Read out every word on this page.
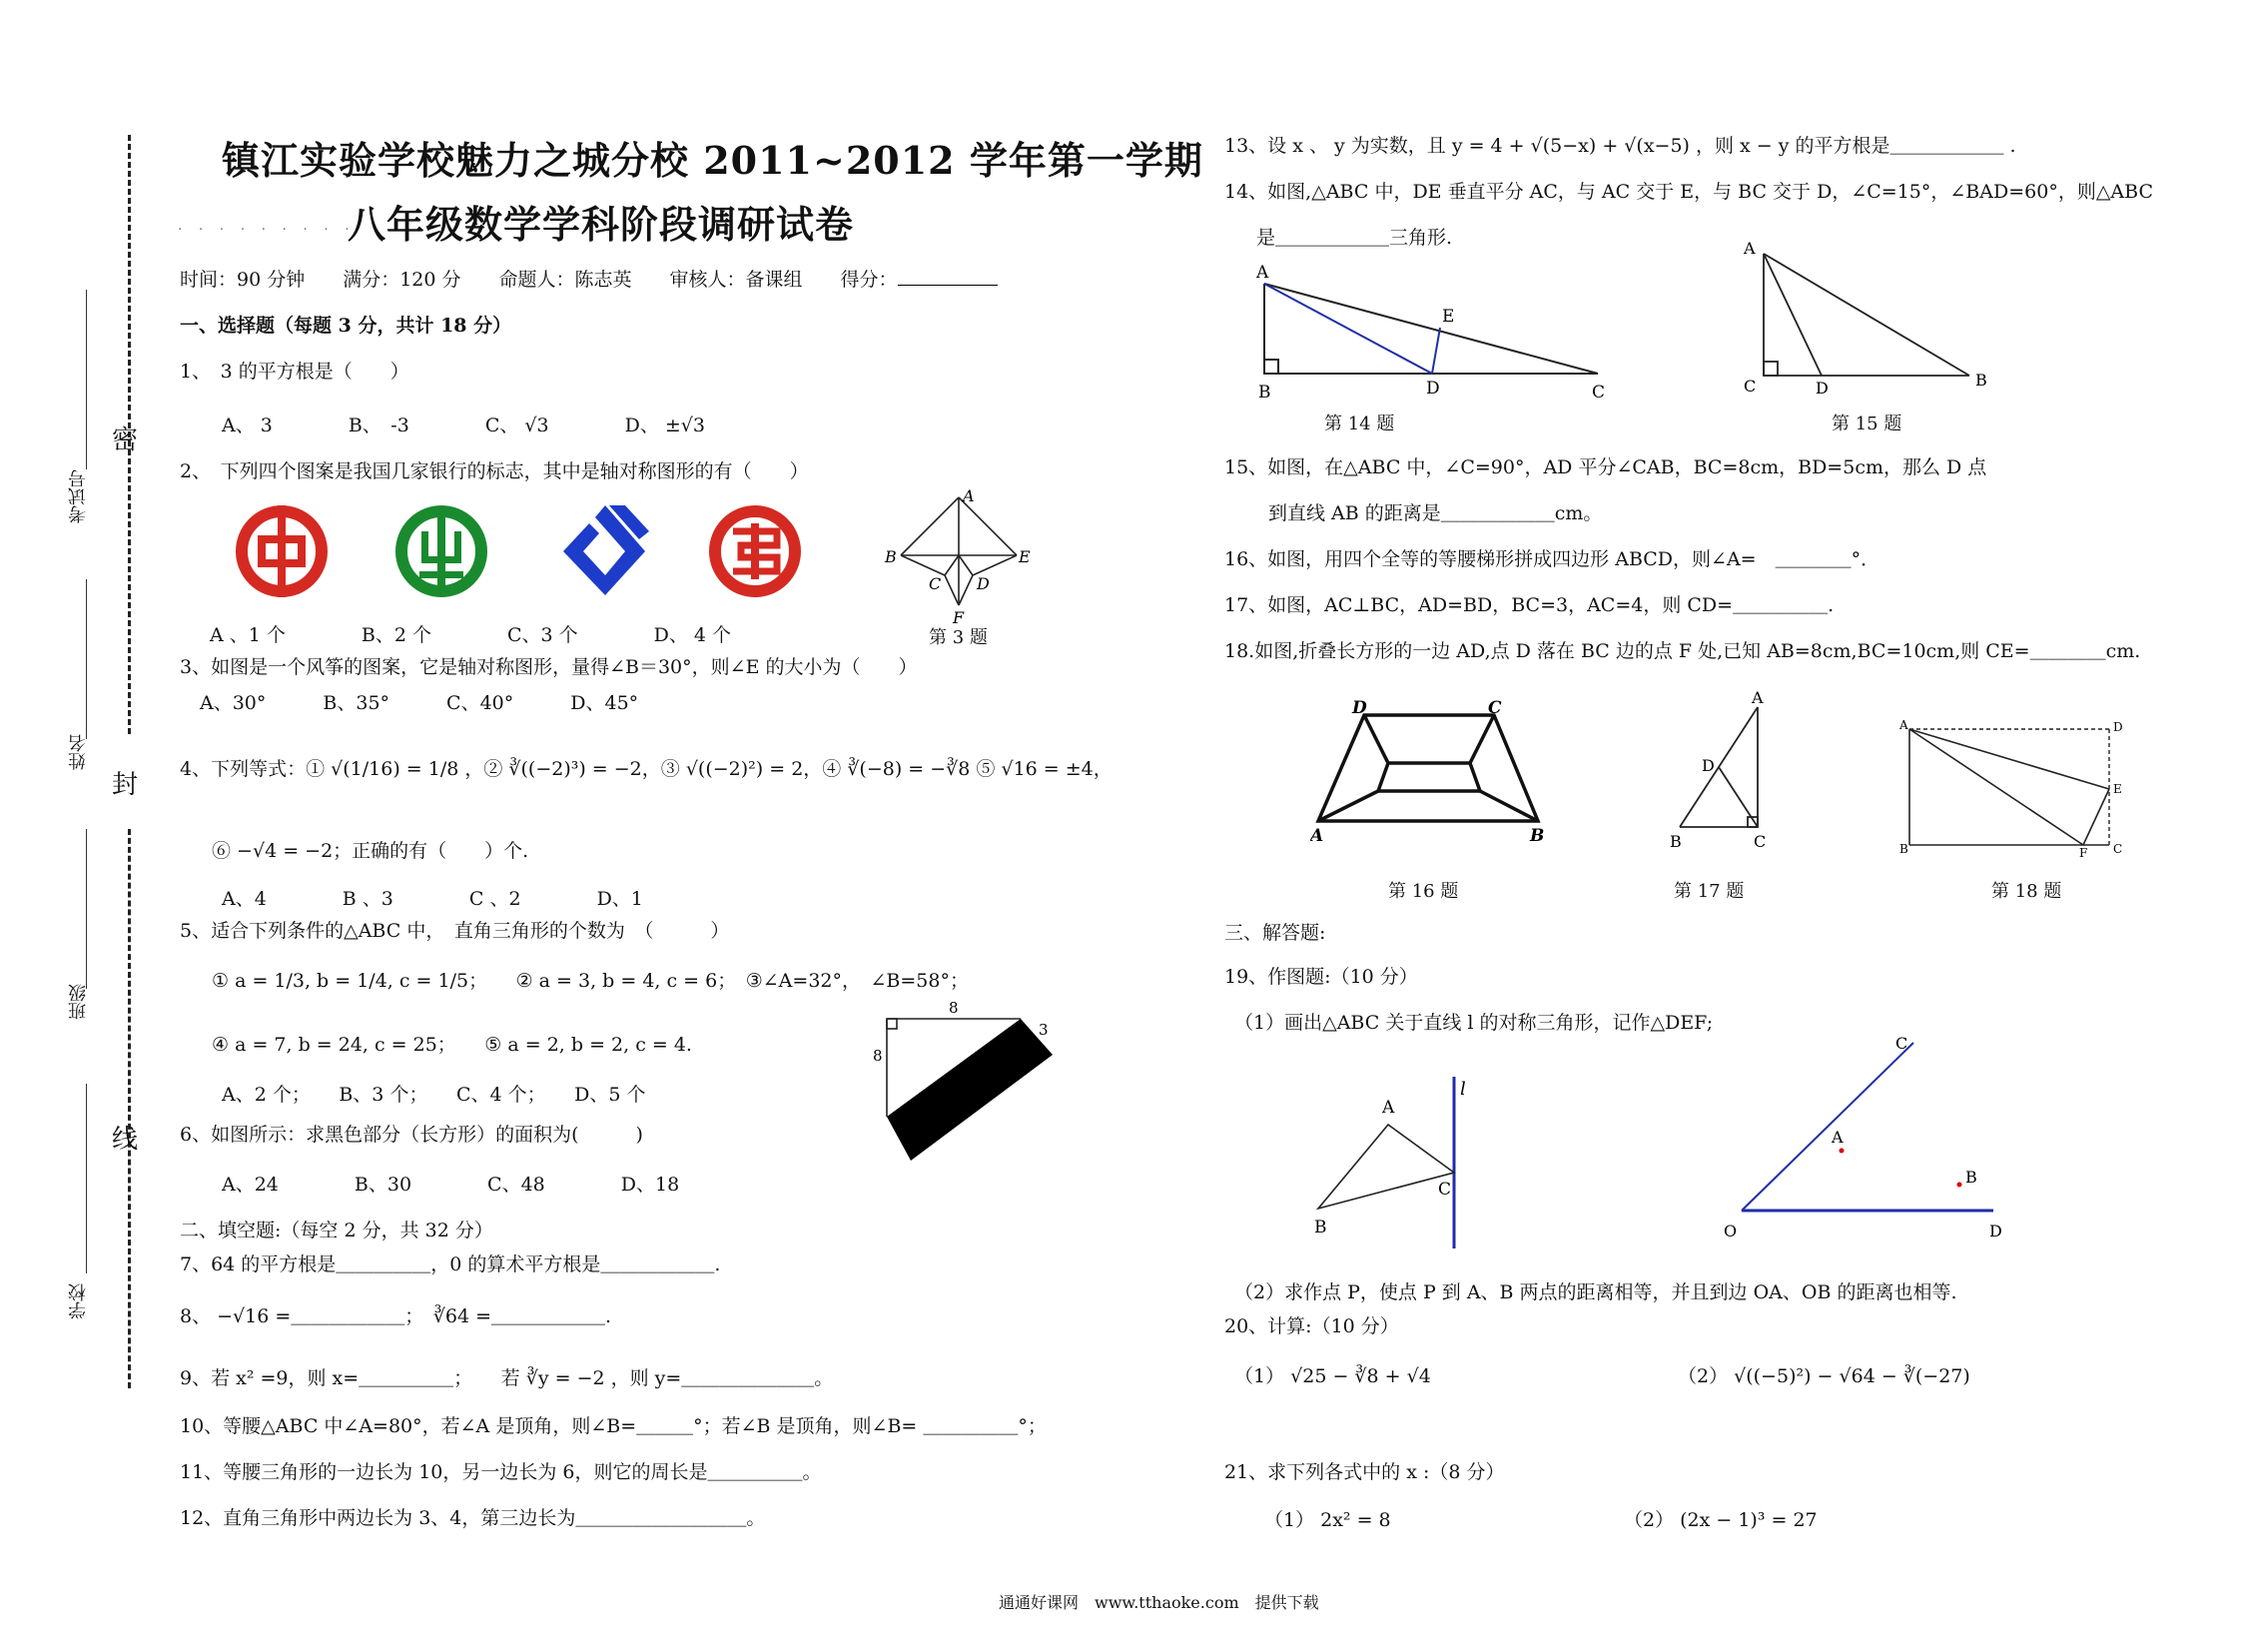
密
封
线
考试号
姓名
班级
学校
镇江实验学校魅力之城分校 2011~2012 学年第一学期
· · · · · · · · ·
八年级数学学科阶段调研试卷
时间：90 分钟　　满分：120 分　　命题人：陈志英　　审核人：备课组　　得分：
一、选择题（每题 3 分，共计 18 分）
1、　3 的平方根是（　　）
A、 3　　　　B、　-3　　　　C、 √3　　　　D、 ±√3
2、　下列四个图案是我国几家银行的标志，其中是轴对称图形的有（　　）
A
B	E
C D
F
A 、1 个　　　　B、2 个　　　　C、3 个　　　　D、 4 个	第 3 题
3、如图是一个风筝的图案，它是轴对称图形，量得∠B＝30°，则∠E 的大小为（　　）
A、30°　　　B、35°　　　C、40°　　　D、45°
4、下列等式：① √(1/16) = 1/8 ，② ∛((−2)³) = −2，③ √((−2)²) = 2，④ ∛(−8) = −∛8 ⑤ √16 = ±4，
⑥ −√4 = −2；正确的有（　　）个.
A、4　　　　B 、3　　　　C 、2　　　　D、1
5、适合下列条件的△ABC 中，　直角三角形的个数为　（　　　）
① a = 1/3, b = 1/4, c = 1/5；　　② a = 3, b = 4, c = 6；　③∠A=32°，　∠B=58°；
④ a = 7, b = 24, c = 25；　　⑤ a = 2, b = 2, c = 4.
A、2 个；　　B、3 个；　　C、4 个；　　D、5 个
8
8
3
6、如图所示：求黑色部分（长方形）的面积为(　　　)
A、24　　　　B、30　　　　C、48　　　　D、18
二、填空题:（每空 2 分，共 32 分）
7、64 的平方根是＿＿＿＿＿，0 的算术平方根是＿＿＿＿＿＿.
8、 −√16 =＿＿＿＿＿＿；　∛64 =＿＿＿＿＿＿.
9、若 x² =9，则 x=＿＿＿＿＿；　　若 ∛y = −2 ，则 y=＿＿＿＿＿＿＿。
10、等腰△ABC 中∠A=80°，若∠A 是顶角，则∠B=＿＿＿°；若∠B 是顶角，则∠B= ＿＿＿＿＿°；
11、等腰三角形的一边长为 10，另一边长为 6，则它的周长是＿＿＿＿＿。
12、直角三角形中两边长为 3、4，第三边长为＿＿＿＿＿＿＿＿＿。
13、设 x 、 y 为实数，且 y = 4 + √(5−x) + √(x−5) ，则 x − y 的平方根是＿＿＿＿＿＿ .
14、如图,△ABC 中，DE 垂直平分 AC，与 AC 交于 E，与 BC 交于 D，∠C=15°，∠BAD=60°，则△ABC
是＿＿＿＿＿＿三角形.
A
B	D
E
C
第 14 题
A
C	D	B
第 15 题
15、如图，在△ABC 中，∠C=90°，AD 平分∠CAB，BC=8cm，BD=5cm，那么 D 点
到直线 AB 的距离是＿＿＿＿＿＿cm。
16、如图，用四个全等的等腰梯形拼成四边形 ABCD，则∠A=　＿＿＿＿°．
17、如图，AC⊥BC，AD=BD，BC=3，AC=4，则 CD=＿＿＿＿＿.
18.如图,折叠长方形的一边 AD,点 D 落在 BC 边的点 F 处,已知 AB=8cm,BC=10cm,则 CE=＿＿＿＿cm.
A	B
C
D
第 16 题
A
D
B	C
第 17 题
A	D
E
B	F C
第 18 题
三、解答题:
19、作图题:（10 分）
（1）画出△ABC 关于直线 l 的对称三角形，记作△DEF;
A
B
C
l
A
B
C
O	D
（2）求作点 P，使点 P 到 A、B 两点的距离相等，并且到边 OA、OB 的距离也相等.
20、计算:（10 分）
（1） √25 − ∛8 + √4	（2） √((−5)²) − √64 − ∛(−27)
21、求下列各式中的 x :（8 分）
（1） 2x² = 8	（2） (2x − 1)³ = 27
通通好课网　www.tthaoke.com　提供下载
